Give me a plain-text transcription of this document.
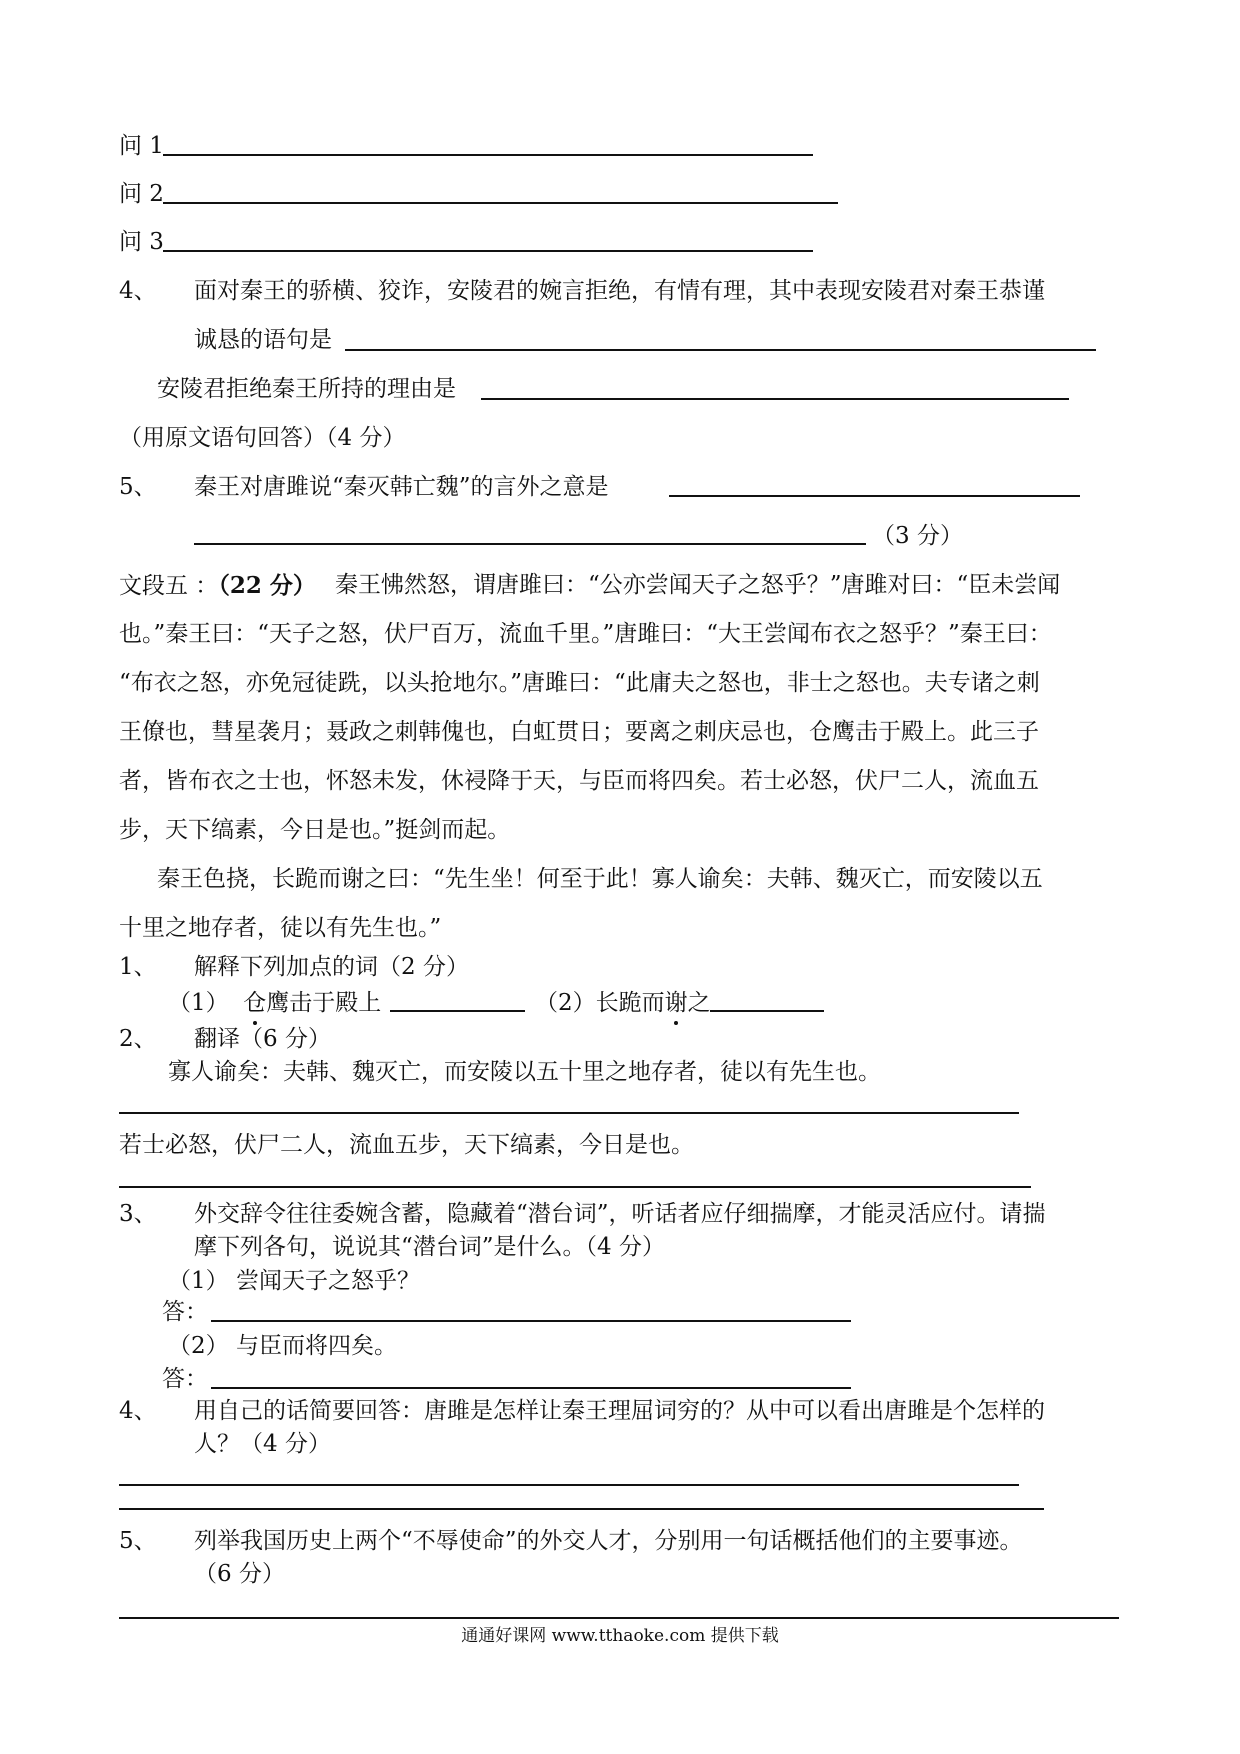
问 1
问 2
问 3
4、 面对秦王的骄横、狡诈，安陵君的婉言拒绝，有情有理，其中表现安陵君对秦王恭谨
诚恳的语句是
安陵君拒绝秦王所持的理由是
（用原文语句回答）（4 分）
5、 秦王对唐雎说“秦灭韩亡魏”的言外之意是
（3 分）
文段五 ：（22 分） 秦王怫然怒，谓唐雎曰：“公亦尝闻天子之怒乎？”唐雎对曰：“臣未尝闻
也。”秦王曰：“天子之怒，伏尸百万，流血千里。”唐雎曰：“大王尝闻布衣之怒乎？”秦王曰：
“布衣之怒，亦免冠徒跣，以头抢地尔。”唐雎曰：“此庸夫之怒也，非士之怒也。夫专诸之刺
王僚也，彗星袭月；聂政之刺韩傀也，白虹贯日；要离之刺庆忌也，仓鹰击于殿上。此三子
者，皆布衣之士也，怀怒未发，休祲降于天，与臣而将四矣。若士必怒，伏尸二人，流血五
步，天下缟素，今日是也。”挺剑而起。
秦王色挠，长跪而谢之曰：“先生坐！何至于此！寡人谕矣：夫韩、魏灭亡，而安陵以五
十里之地存者，徒以有先生也。”
1、 解释下列加点的词（2 分）
（1） 仓鹰击于殿上	（2）长跪而谢之
2、 翻译（6 分）
寡人谕矣：夫韩、魏灭亡，而安陵以五十里之地存者，徒以有先生也。
若士必怒，伏尸二人，流血五步，天下缟素，今日是也。
3、 外交辞令往往委婉含蓄，隐藏着“潜台词”，听话者应仔细揣摩，才能灵活应付。请揣
摩下列各句，说说其“潜台词”是什么。（4 分）
（1） 尝闻天子之怒乎？
答：
（2） 与臣而将四矣。
答：
4、 用自己的话简要回答：唐雎是怎样让秦王理屈词穷的？从中可以看出唐雎是个怎样的
人？（4 分）
5、 列举我国历史上两个“不辱使命”的外交人才，分别用一句话概括他们的主要事迹。
（6 分）
通通好课网 www.tthaoke.com 提供下载
